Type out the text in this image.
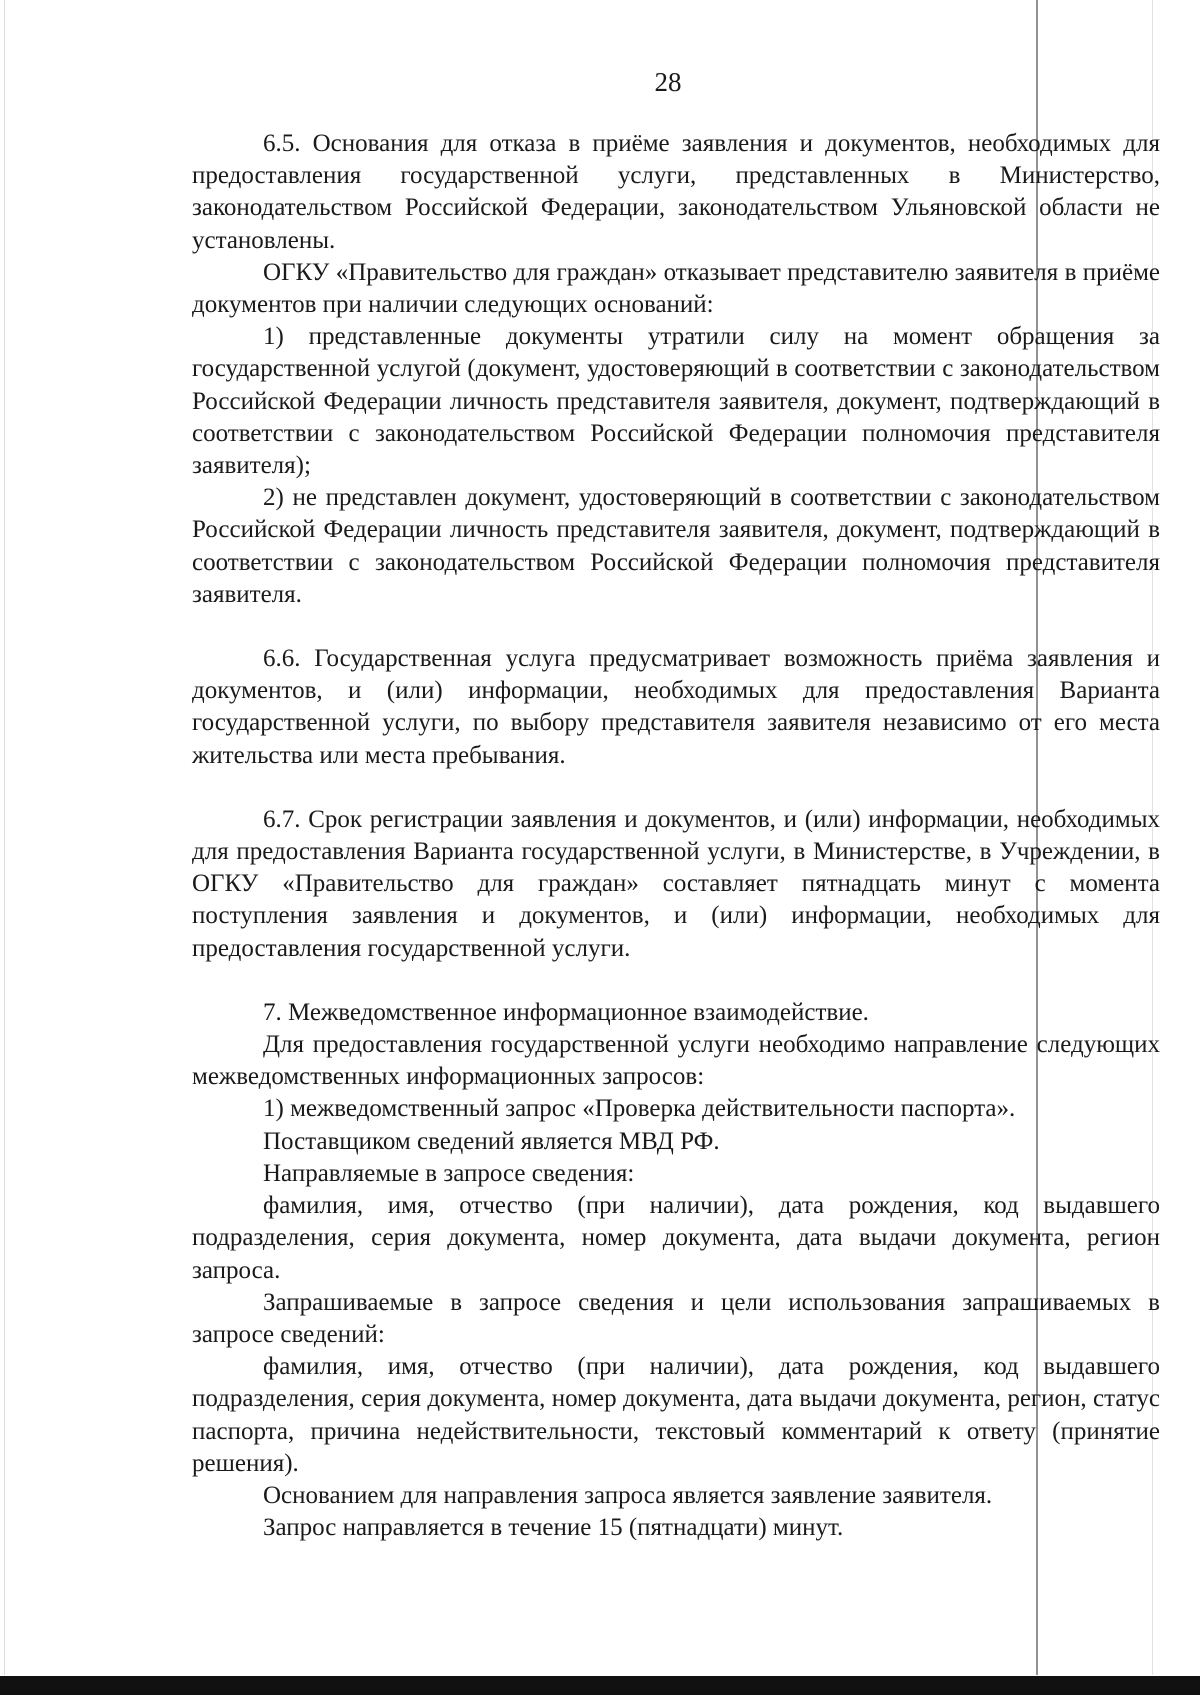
28

6.5. Основания для отказа в приёме заявления и документов, необходимых для предоставления государственной услуги, представленных в Министерство, законодательством Российской Федерации, законодательством Ульяновской области не установлены.

ОГКУ «Правительство для граждан» отказывает представителю заявителя в приёме документов при наличии следующих оснований:

1) представленные документы утратили силу на момент обращения за государственной услугой (документ, удостоверяющий в соответствии с законодательством Российской Федерации личность представителя заявителя, документ, подтверждающий в соответствии с законодательством Российской Федерации полномочия представителя заявителя);

2) не представлен документ, удостоверяющий в соответствии с законодательством Российской Федерации личность представителя заявителя, документ, подтверждающий в соответствии с законодательством Российской Федерации полномочия представителя заявителя.

6.6. Государственная услуга предусматривает возможность приёма заявления и документов, и (или) информации, необходимых для предоставления Варианта государственной услуги, по выбору представителя заявителя независимо от его места жительства или места пребывания.

6.7. Срок регистрации заявления и документов, и (или) информации, необходимых для предоставления Варианта государственной услуги, в Министерстве, в Учреждении, в ОГКУ «Правительство для граждан» составляет пятнадцать минут с момента поступления заявления и документов, и (или) информации, необходимых для предоставления государственной услуги.

7. Межведомственное информационное взаимодействие.

Для предоставления государственной услуги необходимо направление следующих межведомственных информационных запросов:

1) межведомственный запрос «Проверка действительности паспорта».

Поставщиком сведений является МВД РФ.

Направляемые в запросе сведения:

фамилия, имя, отчество (при наличии), дата рождения, код выдавшего подразделения, серия документа, номер документа, дата выдачи документа, регион запроса.

Запрашиваемые в запросе сведения и цели использования запрашиваемых в запросе сведений:

фамилия, имя, отчество (при наличии), дата рождения, код выдавшего подразделения, серия документа, номер документа, дата выдачи документа, регион, статус паспорта, причина недействительности, текстовый комментарий к ответу (принятие решения).

Основанием для направления запроса является заявление заявителя.

Запрос направляется в течение 15 (пятнадцати) минут.
